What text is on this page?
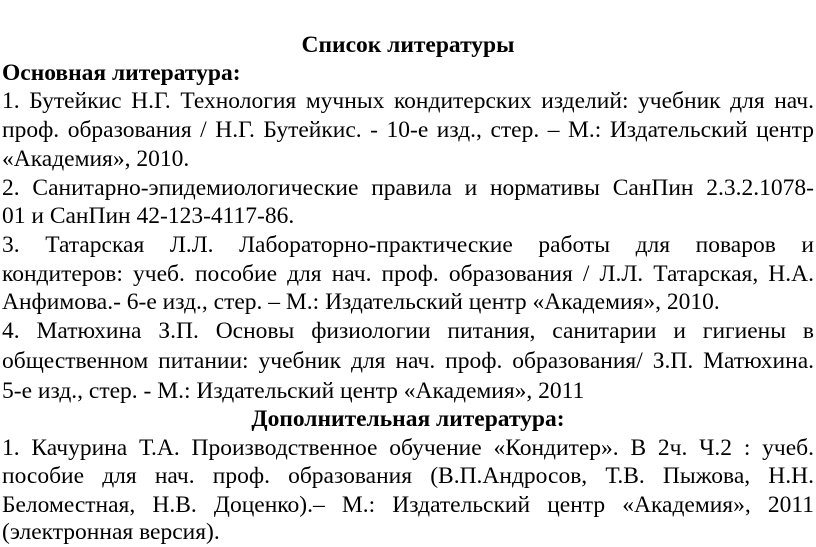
Список литературы
Основная литература:
1. Бутейкис Н.Г. Технология мучных кондитерских изделий: учебник для нач.
проф. образования / Н.Г. Бутейкис. - 10-е изд., стер. – М.: Издательский центр
«Академия», 2010.
2. Санитарно-эпидемиологические правила и нормативы СанПин 2.3.2.1078-
01 и СанПин 42-123-4117-86.
3. Татарская Л.Л. Лабораторно-практические работы для поваров и
кондитеров: учеб. пособие для нач. проф. образования / Л.Л. Татарская, Н.А.
Анфимова.- 6-е изд., стер. – М.: Издательский центр «Академия», 2010.
4. Матюхина З.П. Основы физиологии питания, санитарии и гигиены в
общественном питании: учебник для нач. проф. образования/ З.П. Матюхина.
5-е изд., стер. - М.: Издательский центр «Академия», 2011
Дополнительная литература:
1. Качурина Т.А. Производственное обучение «Кондитер». В 2ч. Ч.2 : учеб.
пособие для нач. проф. образования (В.П.Андросов, Т.В. Пыжова, Н.Н.
Беломестная, Н.В. Доценко).– М.: Издательский центр «Академия», 2011
(электронная версия).
